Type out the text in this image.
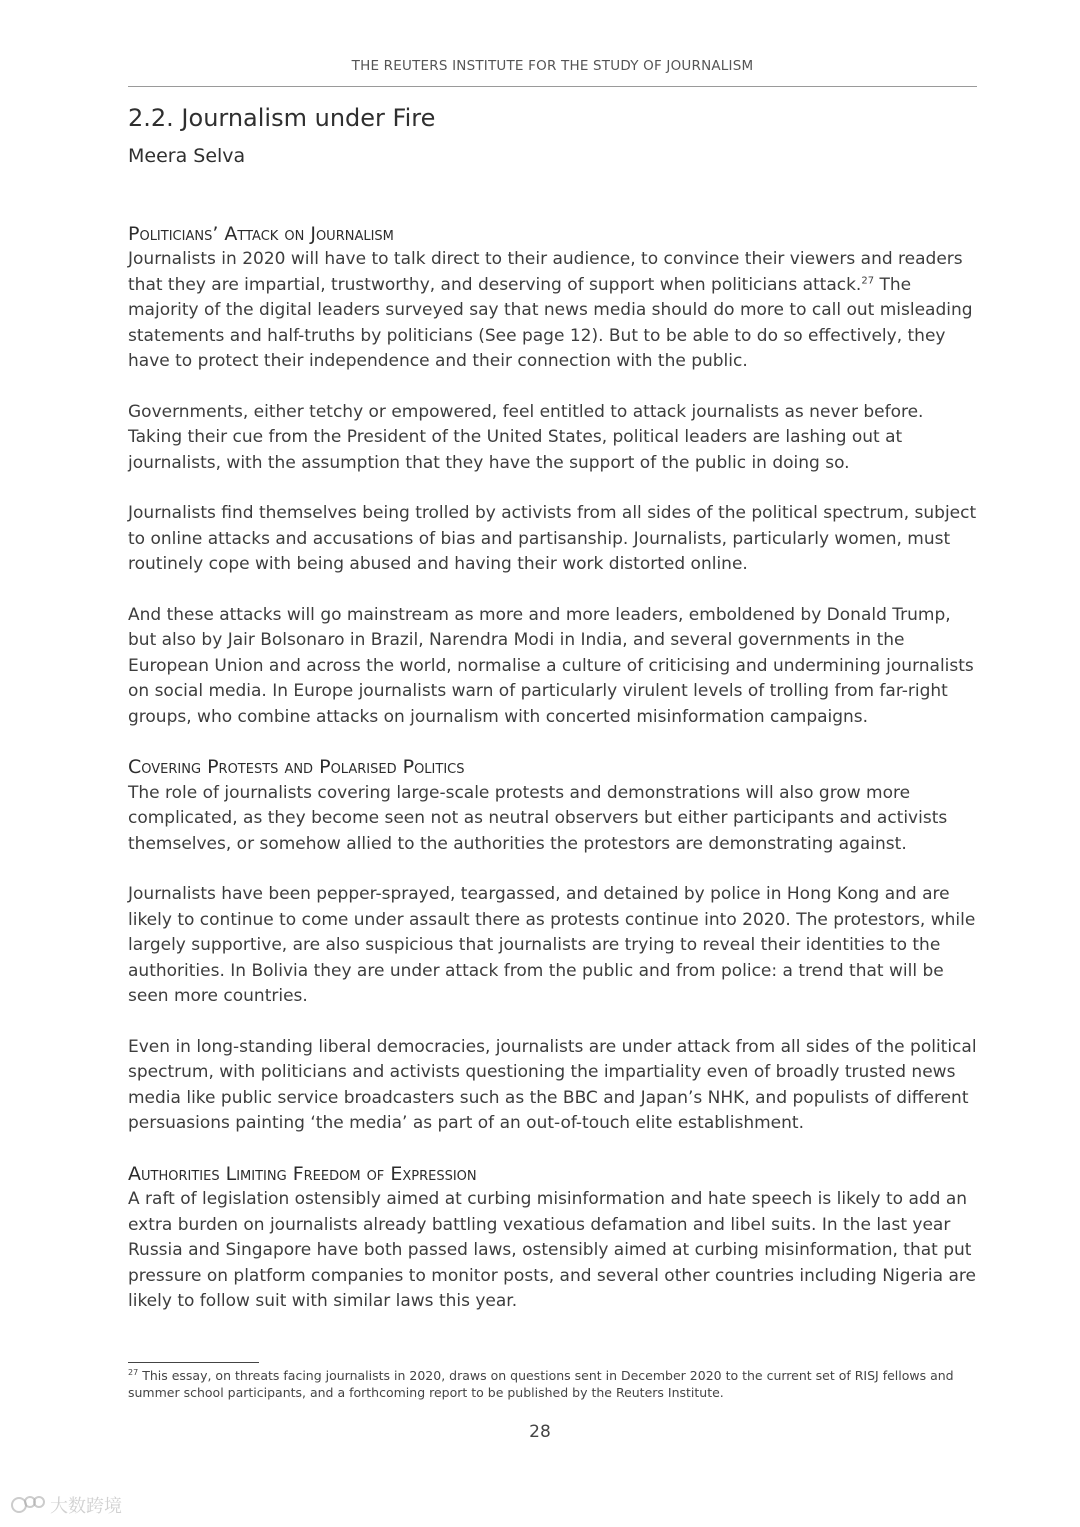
THE REUTERS INSTITUTE FOR THE STUDY OF JOURNALISM
2.2. Journalism under Fire
Meera Selva
Politicians’ Attack on Journalism

Journalists in 2020 will have to talk direct to their audience, to convince their viewers and readers that they are impartial, trustworthy, and deserving of support when politicians attack.$^{27}$ The majority of the digital leaders surveyed say that news media should do more to call out misleading statements and half-truths by politicians (See page 12). But to be able to do so effectively, they have to protect their independence and their connection with the public.

Governments, either tetchy or empowered, feel entitled to attack journalists as never before. Taking their cue from the President of the United States, political leaders are lashing out at journalists, with the assumption that they have the support of the public in doing so.

Journalists find themselves being trolled by activists from all sides of the political spectrum, subject to online attacks and accusations of bias and partisanship. Journalists, particularly women, must routinely cope with being abused and having their work distorted online.

And these attacks will go mainstream as more and more leaders, emboldened by Donald Trump, but also by Jair Bolsonaro in Brazil, Narendra Modi in India, and several governments in the European Union and across the world, normalise a culture of criticising and undermining journalists on social media. In Europe journalists warn of particularly virulent levels of trolling from far-right groups, who combine attacks on journalism with concerted misinformation campaigns.

Covering Protests and Polarised Politics

The role of journalists covering large-scale protests and demonstrations will also grow more complicated, as they become seen not as neutral observers but either participants and activists themselves, or somehow allied to the authorities the protestors are demonstrating against.

Journalists have been pepper-sprayed, teargassed, and detained by police in Hong Kong and are likely to continue to come under assault there as protests continue into 2020. The protestors, while largely supportive, are also suspicious that journalists are trying to reveal their identities to the authorities. In Bolivia they are under attack from the public and from police: a trend that will be seen more countries.

Even in long-standing liberal democracies, journalists are under attack from all sides of the political spectrum, with politicians and activists questioning the impartiality even of broadly trusted news media like public service broadcasters such as the BBC and Japan’s NHK, and populists of different persuasions painting ‘the media’ as part of an out-of-touch elite establishment.

Authorities Limiting Freedom of Expression

A raft of legislation ostensibly aimed at curbing misinformation and hate speech is likely to add an extra burden on journalists already battling vexatious defamation and libel suits. In the last year Russia and Singapore have both passed laws, ostensibly aimed at curbing misinformation, that put pressure on platform companies to monitor posts, and several other countries including Nigeria are likely to follow suit with similar laws this year.

$^{27}$ This essay, on threats facing journalists in 2020, draws on questions sent in December 2020 to the current set of RISJ fellows and summer school participants, and a forthcoming report to be published by the Reuters Institute.
28
大数跨境
